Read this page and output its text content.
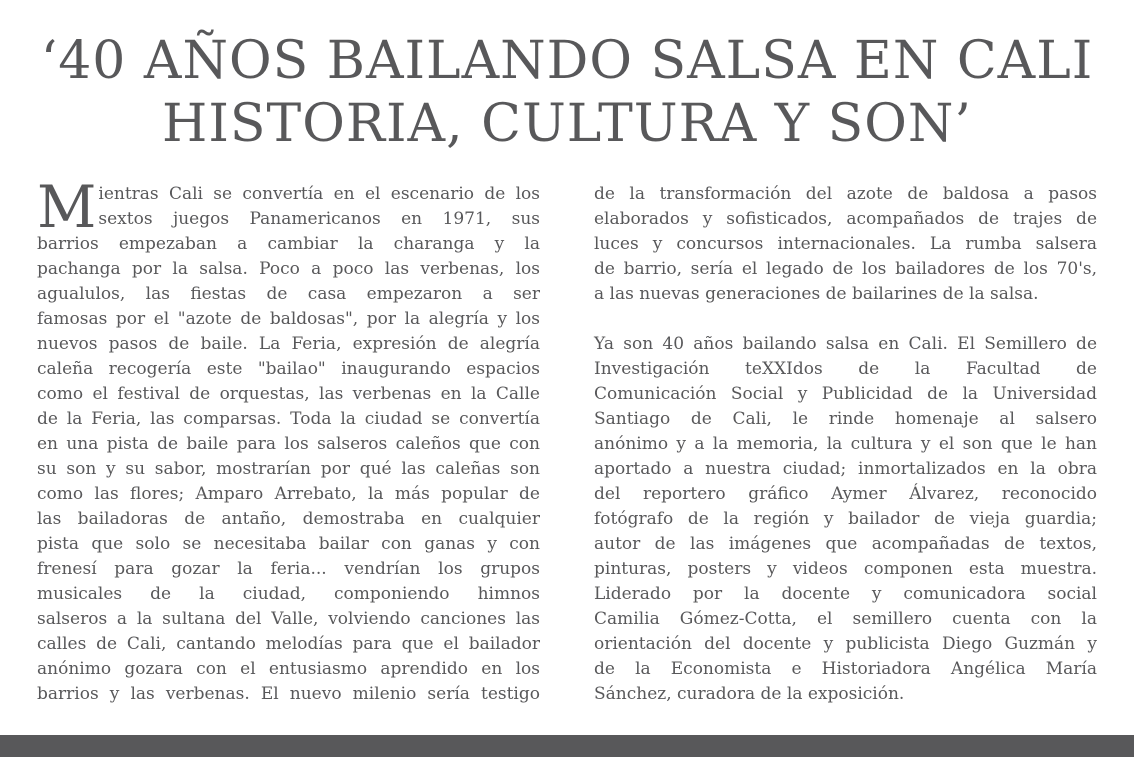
‘40 AÑOS BAILANDO SALSA EN CALI
HISTORIA, CULTURA Y SON’
M ientras Cali se convertía en el escenario de los
sextos juegos Panamericanos en 1971, sus
barrios empezaban a cambiar la charanga y la
pachanga por la salsa. Poco a poco las verbenas, los
agualulos, las fiestas de casa empezaron a ser
famosas por el "azote de baldosas", por la alegría y los
nuevos pasos de baile. La Feria, expresión de alegría
caleña recogería este "bailao" inaugurando espacios
como el festival de orquestas, las verbenas en la Calle
de la Feria, las comparsas. Toda la ciudad se convertía
en una pista de baile para los salseros caleños que con
su son y su sabor, mostrarían por qué las caleñas son
como las flores; Amparo Arrebato, la más popular de
las bailadoras de antaño, demostraba en cualquier
pista que solo se necesitaba bailar con ganas y con
frenesí para gozar la feria... vendrían los grupos
musicales de la ciudad, componiendo himnos
salseros a la sultana del Valle, volviendo canciones las
calles de Cali, cantando melodías para que el bailador
anónimo gozara con el entusiasmo aprendido en los
barrios y las verbenas. El nuevo milenio sería testigo
de la transformación del azote de baldosa a pasos
elaborados y sofisticados, acompañados de trajes de
luces y concursos internacionales. La rumba salsera
de barrio, sería el legado de los bailadores de los 70's,
a las nuevas generaciones de bailarines de la salsa.
Ya son 40 años bailando salsa en Cali. El Semillero de
Investigación teXXIdos de la Facultad de
Comunicación Social y Publicidad de la Universidad
Santiago de Cali, le rinde homenaje al salsero
anónimo y a la memoria, la cultura y el son que le han
aportado a nuestra ciudad; inmortalizados en la obra
del reportero gráfico Aymer Álvarez, reconocido
fotógrafo de la región y bailador de vieja guardia;
autor de las imágenes que acompañadas de textos,
pinturas, posters y videos componen esta muestra.
Liderado por la docente y comunicadora social
Camilia Gómez-Cotta, el semillero cuenta con la
orientación del docente y publicista Diego Guzmán y
de la Economista e Historiadora Angélica María
Sánchez, curadora de la exposición.
